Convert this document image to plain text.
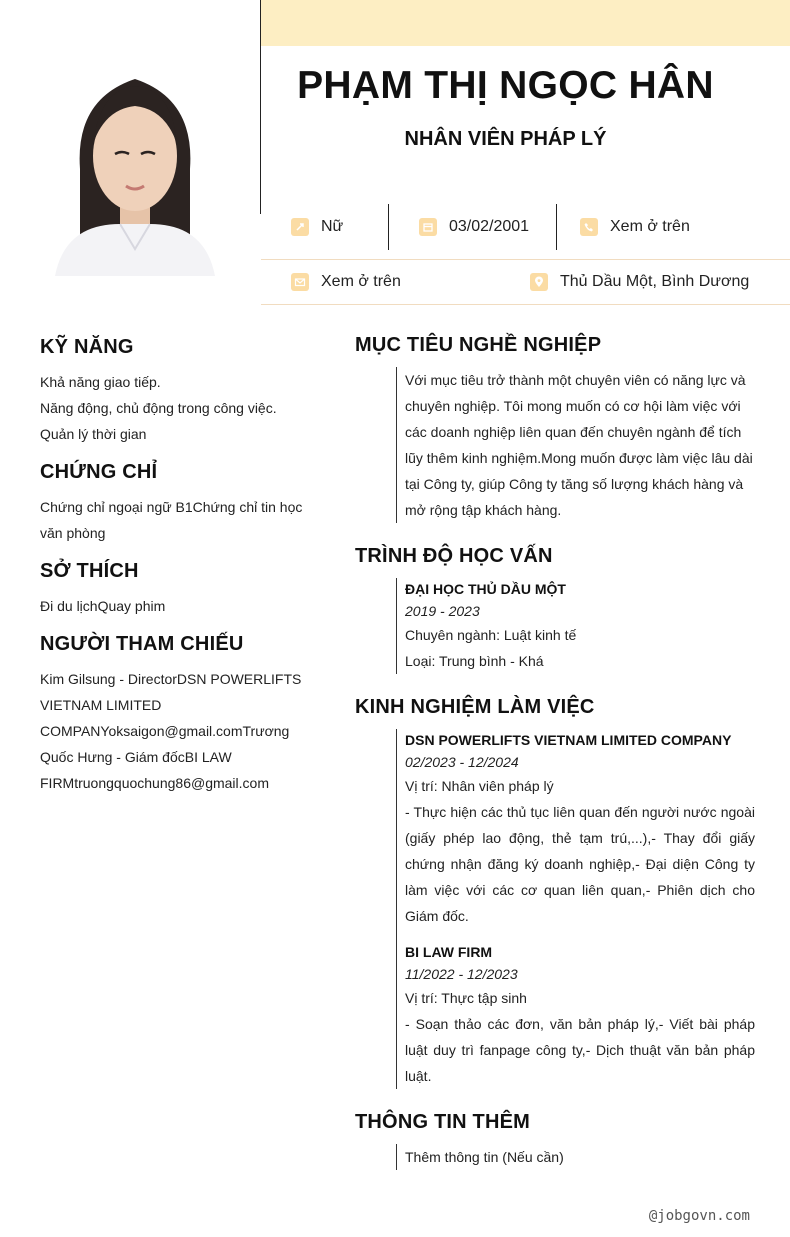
PHẠM THỊ NGỌC HÂN
NHÂN VIÊN PHÁP LÝ
Nữ	03/02/2001	Xem ở trên
Xem ở trên	Thủ Dầu Một, Bình Dương
KỸ NĂNG
Khả năng giao tiếp.
Năng động, chủ động trong công việc.
Quản lý thời gian
CHỨNG CHỈ
Chứng chỉ ngoại ngữ B1Chứng chỉ tin học văn phòng
SỞ THÍCH
Đi du lịchQuay phim
NGƯỜI THAM CHIẾU
Kim Gilsung - DirectorDSN POWERLIFTS VIETNAM LIMITED COMPANYoksaigon@gmail.comTrương Quốc Hưng - Giám đốcBI LAW FIRMtruongquochung86@gmail.com
MỤC TIÊU NGHỀ NGHIỆP
Với mục tiêu trở thành một chuyên viên có năng lực và chuyên nghiệp. Tôi mong muốn có cơ hội làm việc với các doanh nghiệp liên quan đến chuyên ngành để tích lũy thêm kinh nghiệm.Mong muốn được làm việc lâu dài tại Công ty, giúp Công ty tăng số lượng khách hàng và mở rộng tập khách hàng.
TRÌNH ĐỘ HỌC VẤN
ĐẠI HỌC THỦ DẦU MỘT
2019 - 2023
Chuyên ngành: Luật kinh tế
Loại: Trung bình - Khá
KINH NGHIỆM LÀM VIỆC
DSN POWERLIFTS VIETNAM LIMITED COMPANY
02/2023 - 12/2024
Vị trí: Nhân viên pháp lý
- Thực hiện các thủ tục liên quan đến người nước ngoài (giấy phép lao động, thẻ tạm trú,...),- Thay đổi giấy chứng nhận đăng ký doanh nghiệp,- Đại diện Công ty làm việc với các cơ quan liên quan,- Phiên dịch cho Giám đốc.
BI LAW FIRM
11/2022 - 12/2023
Vị trí: Thực tập sinh
- Soạn thảo các đơn, văn bản pháp lý,- Viết bài pháp luật duy trì fanpage công ty,- Dịch thuật văn bản pháp luật.
THÔNG TIN THÊM
Thêm thông tin (Nếu cần)
@jobgovn.com
